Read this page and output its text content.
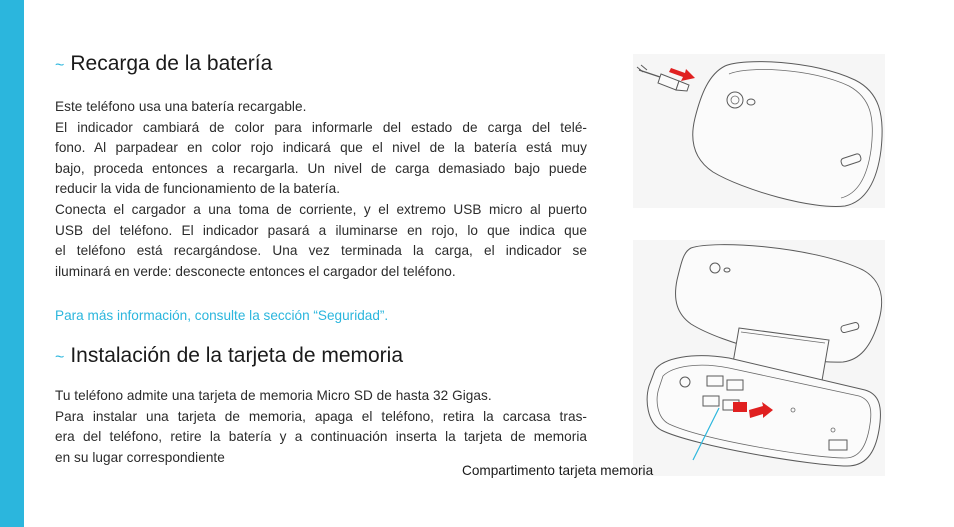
~ Recarga de la batería
Este teléfono usa una batería recargable.
El indicador cambiará de color para informarle del estado de carga del telé-
fono. Al parpadear en color rojo indicará que el nivel de la batería está muy
bajo, proceda entonces a recargarla. Un nivel de carga demasiado bajo puede
reducir la vida de funcionamiento de la batería.
Conecta el cargador a una toma de corriente, y el extremo USB micro al puerto
USB del teléfono. El indicador pasará a iluminarse en rojo, lo que indica que
el teléfono está recargándose. Una vez terminada la carga, el indicador se
iluminará en verde: desconecte entonces el cargador del teléfono.
Para más información, consulte la sección “Seguridad”.
~ Instalación de la tarjeta de memoria
Tu teléfono admite una tarjeta de memoria Micro SD de hasta 32 Gigas.
Para instalar una tarjeta de memoria, apaga el teléfono, retira la carcasa tras-
era del teléfono, retire la batería y a continuación inserta la tarjeta de memoria
en su lugar correspondiente
Compartimento tarjeta memoria
